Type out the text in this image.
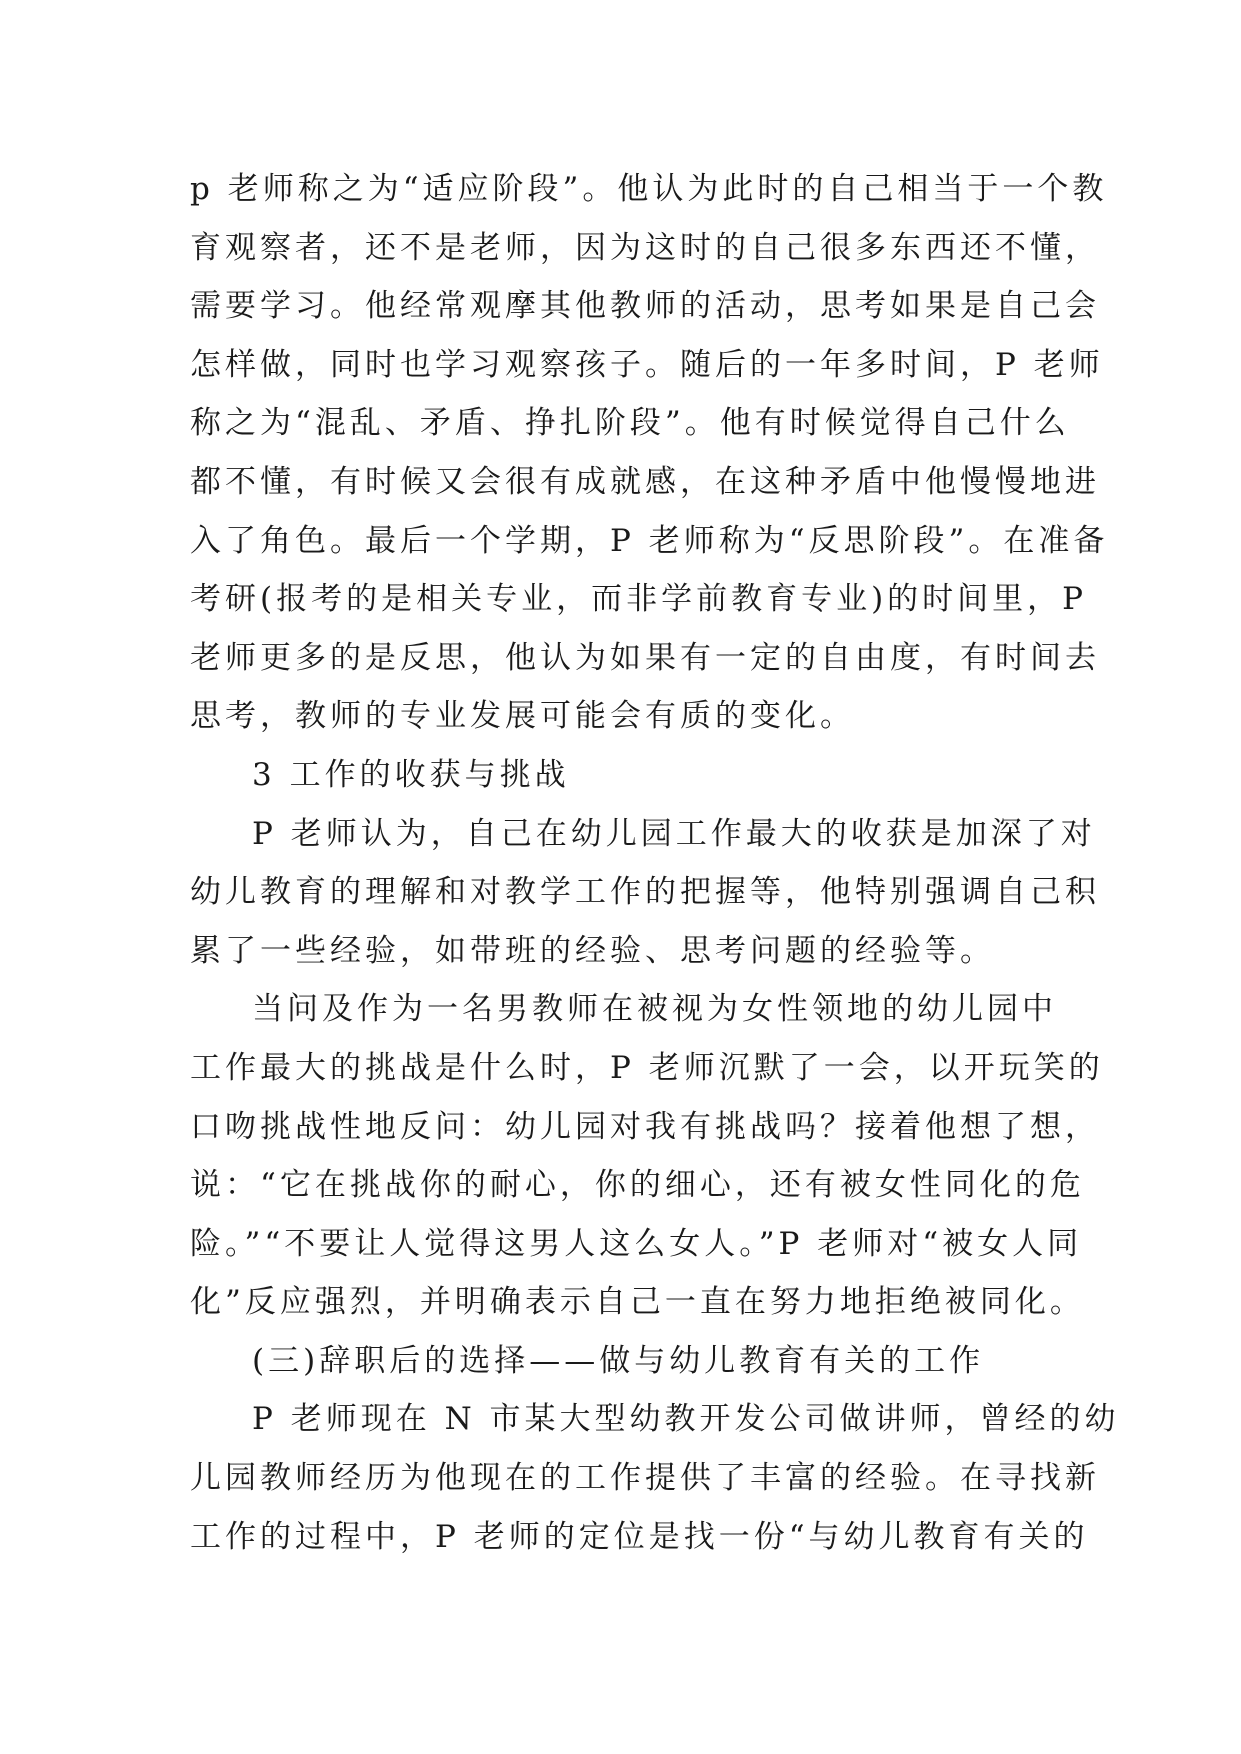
p 老师称之为“适应阶段”。他认为此时的自己相当于一个教
育观察者，还不是老师，因为这时的自己很多东西还不懂，
需要学习。他经常观摩其他教师的活动，思考如果是自己会
怎样做，同时也学习观察孩子。随后的一年多时间，P 老师
称之为“混乱、矛盾、挣扎阶段”。他有时候觉得自己什么
都不懂，有时候又会很有成就感，在这种矛盾中他慢慢地进
入了角色。最后一个学期，P 老师称为“反思阶段”。在准备
考研(报考的是相关专业，而非学前教育专业)的时间里，P
老师更多的是反思，他认为如果有一定的自由度，有时间去
思考，教师的专业发展可能会有质的变化。
3 工作的收获与挑战
P 老师认为，自己在幼儿园工作最大的收获是加深了对
幼儿教育的理解和对教学工作的把握等，他特别强调自己积
累了一些经验，如带班的经验、思考问题的经验等。
当问及作为一名男教师在被视为女性领地的幼儿园中
工作最大的挑战是什么时，P 老师沉默了一会，以开玩笑的
口吻挑战性地反问：幼儿园对我有挑战吗？接着他想了想，
说：“它在挑战你的耐心，你的细心，还有被女性同化的危
险。”“不要让人觉得这男人这么女人。”P 老师对“被女人同
化”反应强烈，并明确表示自己一直在努力地拒绝被同化。
(三)辞职后的选择——做与幼儿教育有关的工作
P 老师现在 N 市某大型幼教开发公司做讲师，曾经的幼
儿园教师经历为他现在的工作提供了丰富的经验。在寻找新
工作的过程中，P 老师的定位是找一份“与幼儿教育有关的
